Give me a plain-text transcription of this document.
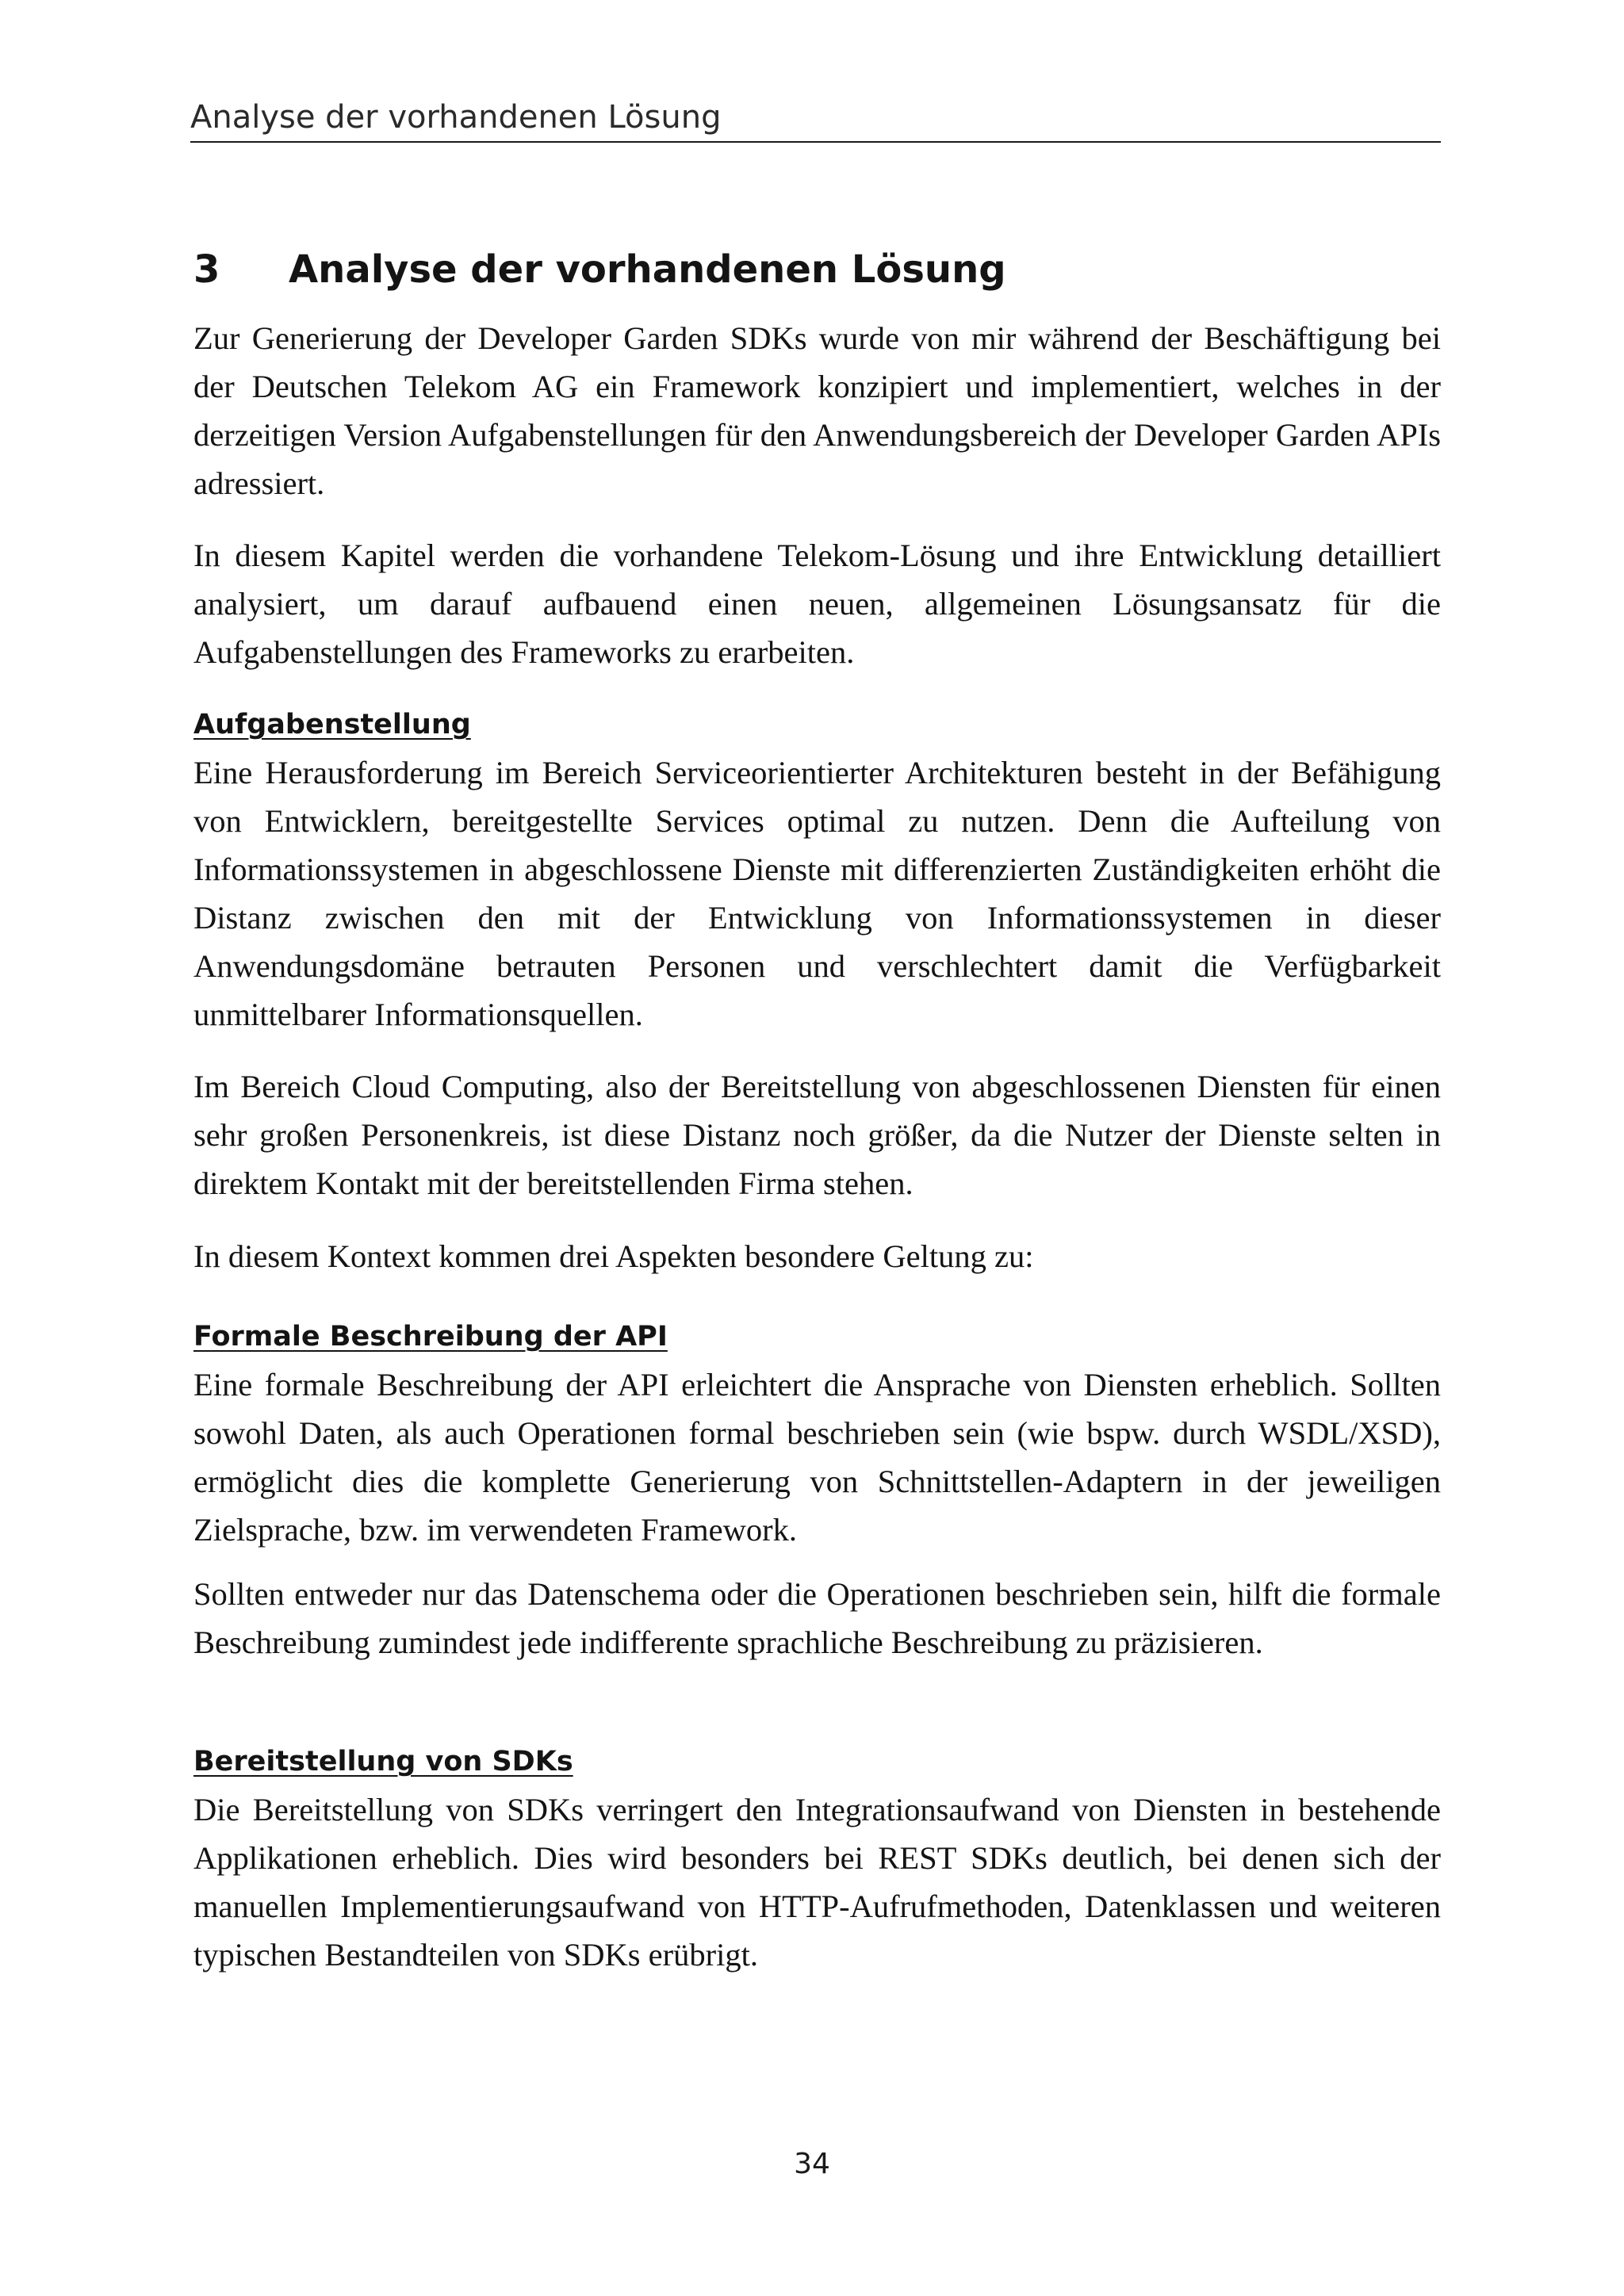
Analyse der vorhandenen Lösung
3 Analyse der vorhandenen Lösung

Zur Generierung der Developer Garden SDKs wurde von mir während der Beschäftigung bei der Deutschen Telekom AG ein Framework konzipiert und implementiert, welches in der derzeitigen Version Aufgabenstellungen für den Anwendungsbereich der Developer Garden APIs adressiert.

In diesem Kapitel werden die vorhandene Telekom-Lösung und ihre Entwicklung detailliert analysiert, um darauf aufbauend einen neuen, allgemeinen Lösungsansatz für die Aufgabenstellungen des Frameworks zu erarbeiten.

Aufgabenstellung

Eine Herausforderung im Bereich Serviceorientierter Architekturen besteht in der Befähigung von Entwicklern, bereitgestellte Services optimal zu nutzen. Denn die Aufteilung von Informationssystemen in abgeschlossene Dienste mit differenzierten Zuständigkeiten erhöht die Distanz zwischen den mit der Entwicklung von Informationssystemen in dieser Anwendungsdomäne betrauten Personen und verschlechtert damit die Verfügbarkeit unmittelbarer Informationsquellen.

Im Bereich Cloud Computing, also der Bereitstellung von abgeschlossenen Diensten für einen sehr großen Personenkreis, ist diese Distanz noch größer, da die Nutzer der Dienste selten in direktem Kontakt mit der bereitstellenden Firma stehen.

In diesem Kontext kommen drei Aspekten besondere Geltung zu:

Formale Beschreibung der API

Eine formale Beschreibung der API erleichtert die Ansprache von Diensten erheblich. Sollten sowohl Daten, als auch Operationen formal beschrieben sein (wie bspw. durch WSDL/XSD), ermöglicht dies die komplette Generierung von Schnittstellen-Adaptern in der jeweiligen Zielsprache, bzw. im verwendeten Framework.

Sollten entweder nur das Datenschema oder die Operationen beschrieben sein, hilft die formale Beschreibung zumindest jede indifferente sprachliche Beschreibung zu präzisieren.

Bereitstellung von SDKs

Die Bereitstellung von SDKs verringert den Integrationsaufwand von Diensten in bestehende Applikationen erheblich. Dies wird besonders bei REST SDKs deutlich, bei denen sich der manuellen Implementierungsaufwand von HTTP-Aufrufmethoden, Datenklassen und weiteren typischen Bestandteilen von SDKs erübrigt.

34
